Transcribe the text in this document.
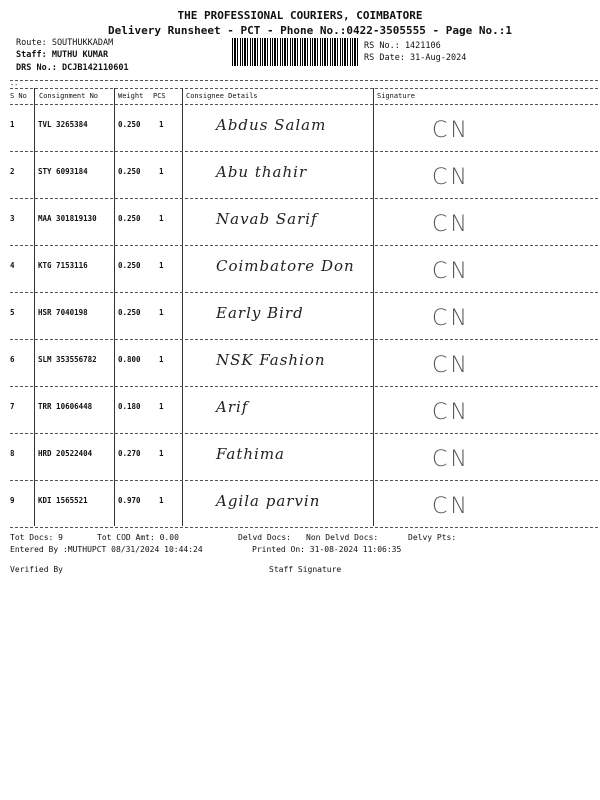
THE PROFESSIONAL COURIERS, COIMBATORE
Delivery Runsheet - PCT - Phone No.:0422-3505555 - Page No.:1
Route: SOUTHUKKADAM
Staff: MUTHU KUMAR
DRS No.: DCJB142110601
RS No.: 1421106
RS Date: 31-Aug-2024
--
S No Consignment No	Weight PCS	Consignee Details	Signature
1	TVL 3265384	0.250 1	Abdus Salam	CN
2	STY 6093184	0.250 1	Abu thahir	CN
3	MAA 301819130	0.250 1	Navab Sarif	CN
4	KTG 7153116	0.250 1	Coimbatore Don	CN
5	HSR 7040198	0.250 1	Early Bird	CN
6	SLM 353556782	0.800 1	NSK Fashion	CN
7	TRR 10606448	0.180 1	Arif	CN
8	HRD 20522404	0.270 1	Fathima	CN
9	KDI 1565521	0.970 1	Agila parvin	CN
Tot Docs: 9	Tot COD Amt: 0.00	Delvd Docs: Non Delvd Docs:	Delvy Pts:
Entered By :MUTHUPCT 08/31/2024 10:44:24	Printed On: 31-08-2024 11:06:35
Verified By	Staff Signature
